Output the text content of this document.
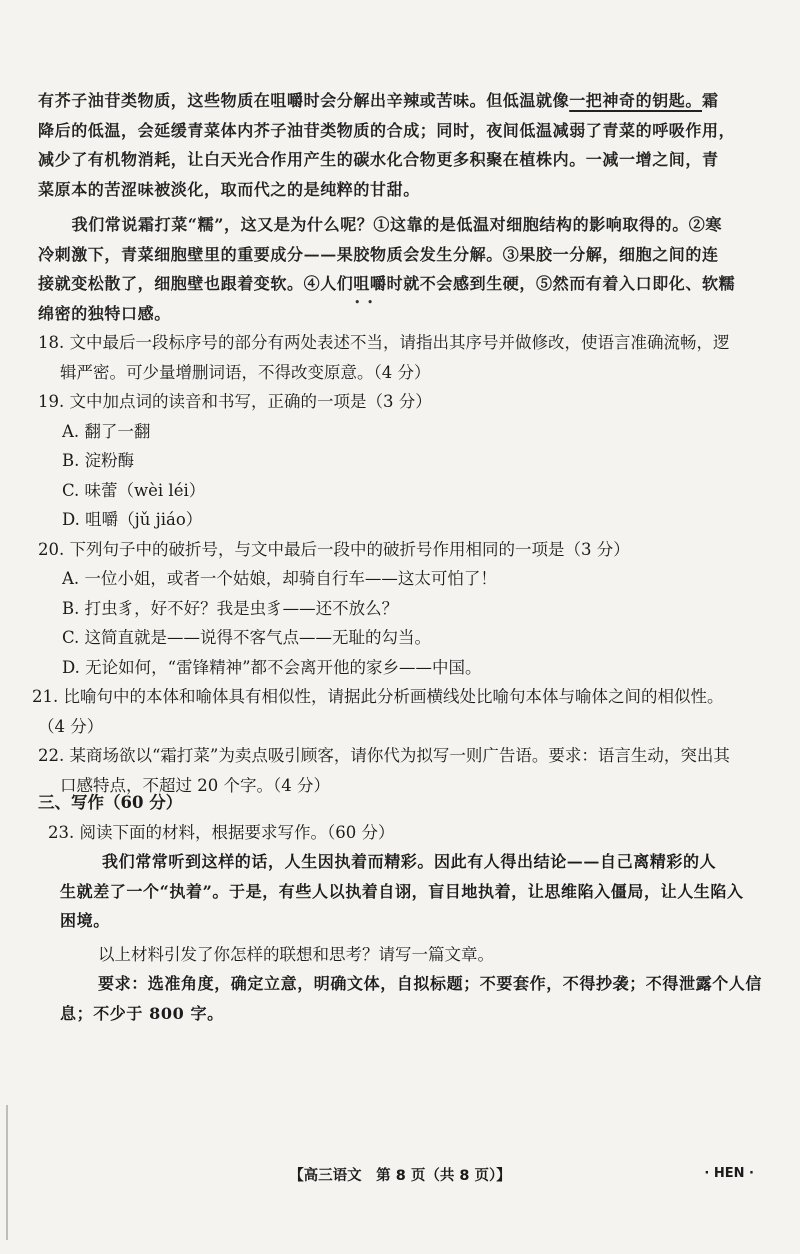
有芥子油苷类物质，这些物质在咀嚼时会分解出辛辣或苦味。但低温就像一把神奇的钥匙。霜

降后的低温，会延缓青菜体内芥子油苷类物质的合成；同时，夜间低温减弱了青菜的呼吸作用，

减少了有机物消耗，让白天光合作用产生的碳水化合物更多积聚在植株内。一减一增之间，青

菜原本的苦涩味被淡化，取而代之的是纯粹的甘甜。

我们常说霜打菜“糯”，这又是为什么呢？①这靠的是低温对细胞结构的影响取得的。②寒

冷刺激下，青菜细胞壁里的重要成分——果胶物质会发生分解。③果胶一分解，细胞之间的连

接就变松散了，细胞壁也跟着变软。④人们咀嚼 • •时就不会感到生硬，⑤然而有着入口即化、软糯

绵密的独特口感。

18. 文中最后一段标序号的部分有两处表述不当，请指出其序号并做修改，使语言准确流畅，逻

辑严密。可少量增删词语，不得改变原意。（4 分）

19. 文中加点词的读音和书写，正确的一项是（3 分）

A. 翻了一翻

B. 淀粉酶

C. 味蕾（wèi léi）

D. 咀嚼（jǔ jiáo）

20. 下列句子中的破折号，与文中最后一段中的破折号作用相同的一项是（3 分）

A. 一位小姐，或者一个姑娘，却骑自行车——这太可怕了！

B. 打虫豸，好不好？我是虫豸——还不放么？

C. 这简直就是——说得不客气点——无耻的勾当。

D. 无论如何，“雷锋精神”都不会离开他的家乡——中国。

21. 比喻句中的本体和喻体具有相似性，请据此分析画横线处比喻句本体与喻体之间的相似性。

（4 分）

22. 某商场欲以“霜打菜”为卖点吸引顾客，请你代为拟写一则广告语。要求：语言生动，突出其

口感特点，不超过 20 个字。（4 分）

三、写作（60 分）

23. 阅读下面的材料，根据要求写作。（60 分）

我们常常听到这样的话，人生因执着而精彩。因此有人得出结论——自己离精彩的人

生就差了一个“执着”。于是，有些人以执着自诩，盲目地执着，让思维陷入僵局，让人生陷入

困境。

以上材料引发了你怎样的联想和思考？请写一篇文章。

要求：选准角度，确定立意，明确文体，自拟标题；不要套作，不得抄袭；不得泄露个人信

息；不少于 800 字。

【高三语文　第 8 页（共 8 页）】	· HEN ·
